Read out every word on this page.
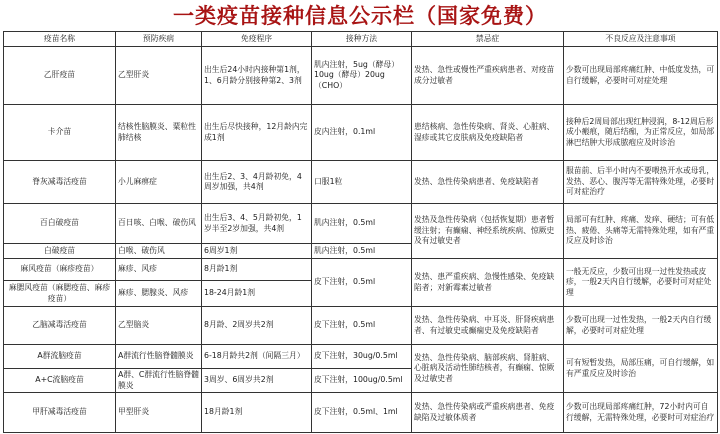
一类疫苗接种信息公示栏（国家免费）
疫苗名称	预防疾病	免疫程序	接种方法	禁忌症	不良反应及注意事项
乙肝疫苗	乙型肝炎	出生后24小时内接种第1剂，1、6月龄分别接种第2、3剂	肌内注射，5ug（酵母）10ug（酵母）20ug（CHO）	发热、急性或慢性严重疾病患者、对疫苗成分过敏者	少数可出现局部疼痛红肿、中低度发热，可自行缓解，必要时可对症处理
卡介苗	结核性脑膜炎、粟粒性肺结核	出生后尽快接种，12月龄内完成1剂	皮内注射，0.1ml	患结核病、急性传染病、肾炎、心脏病、湿疹或其它皮肤病及免疫缺陷者	接种后2周局部出现红肿浸润，8-12周后形成小瘢痕，随后结痂，为正常反应，如局部淋巴结肿大形成脓疱应及时诊治
脊灰减毒活疫苗	小儿麻痹症	出生后2、3、4月龄初免，4周岁加强，共4剂	口服1粒	发热、急性传染病患者、免疫缺陷者	服苗前、后半小时内不要喂热开水或母乳，发热、恶心、腹泻等无需特殊处理，必要时可对症治疗
百白破疫苗	百日咳、白喉、破伤风	出生后3、4、5月龄初免，1岁半至2岁加强，共4剂	肌内注射，0.5ml	发热及急性传染病（包括恢复期）患者暂缓注射；有癫痫、神经系统疾病、惊厥史及有过敏史者	局部可有红肿、疼痛、发痒、硬结；可有低热、疲倦、头痛等无需特殊处理，如有严重反应及时诊治
白破疫苗	白喉、破伤风	6周岁1剂	肌内注射，0.5ml		
麻风疫苗（麻疹疫苗）	麻疹、风疹	8月龄1剂	皮下注射，0.5ml	发热、患严重疾病、急慢性感染、免疫缺陷者；对新霉素过敏者	一般无反应，少数可出现一过性发热或皮疹，一般2天内自行缓解，必要时可对症处理
麻腮风疫苗（麻腮疫苗、麻疹疫苗）	麻疹、腮腺炎、风疹	18-24月龄1剂			
乙脑减毒活疫苗	乙型脑炎	8月龄、2周岁共2剂	皮下注射，0.5ml	发热、急性传染病、中耳炎、肝肾疾病患者、有过敏史或癫痫史及免疫缺陷者	少数可出现一过性发热，一般2天内自行缓解，必要时可对症处理
A群流脑疫苗	A群流行性脑脊髓膜炎	6-18月龄共2剂（间隔三月）	皮下注射，30ug/0.5ml	发热、急性传染病、脑部疾病、肾脏病、心脏病及活动性肺结核者，有癫痫、惊厥及过敏史者	可有短暂发热，局部压痛，可自行缓解，如有严重反应及时诊治
A+C流脑疫苗	A群、C群流行性脑脊髓膜炎	3周岁、6周岁共2剂	皮下注射，100ug/0.5ml		
甲肝减毒活疫苗	甲型肝炎	18月龄1剂	皮下注射，0.5ml、1ml	发热、急性传染病或严重疾病患者、免疫缺陷及过敏体质者	少数可出现局部疼痛红肿，72小时内可自行缓解，无需特殊处理，必要时可对症治疗
